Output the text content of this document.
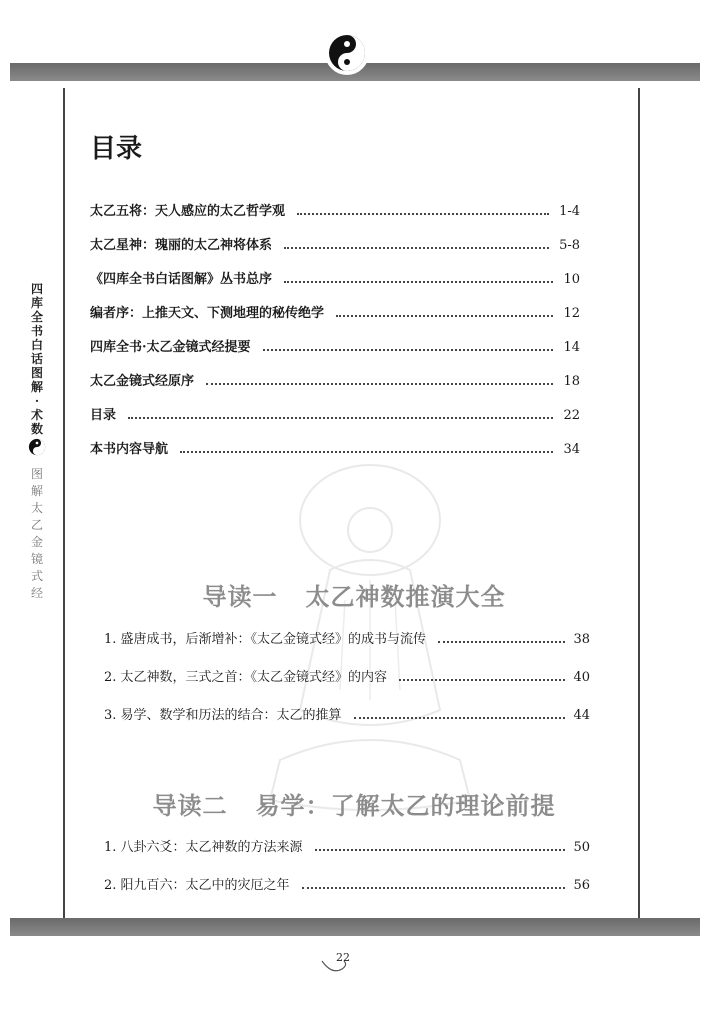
四
库
全
书
白
话
图
解
·
术
数
图
解
太
乙
金
镜
式
经
目录
太乙五将：天人感应的太乙哲学观	1-4
太乙星神：瑰丽的太乙神将体系	5-8
《四库全书白话图解》丛书总序	10
编者序：上推天文、下测地理的秘传绝学	12
四库全书·太乙金镜式经提要	14
太乙金镜式经原序	18
目录	22
本书内容导航	34
导读一 太乙神数推演大全
1. 盛唐成书，后渐增补：《太乙金镜式经》的成书与流传	38
2. 太乙神数，三式之首：《太乙金镜式经》的内容	40
3. 易学、数学和历法的结合：太乙的推算	44
导读二 易学：了解太乙的理论前提
1. 八卦六爻：太乙神数的方法来源	50
2. 阳九百六：太乙中的灾厄之年	56
22
